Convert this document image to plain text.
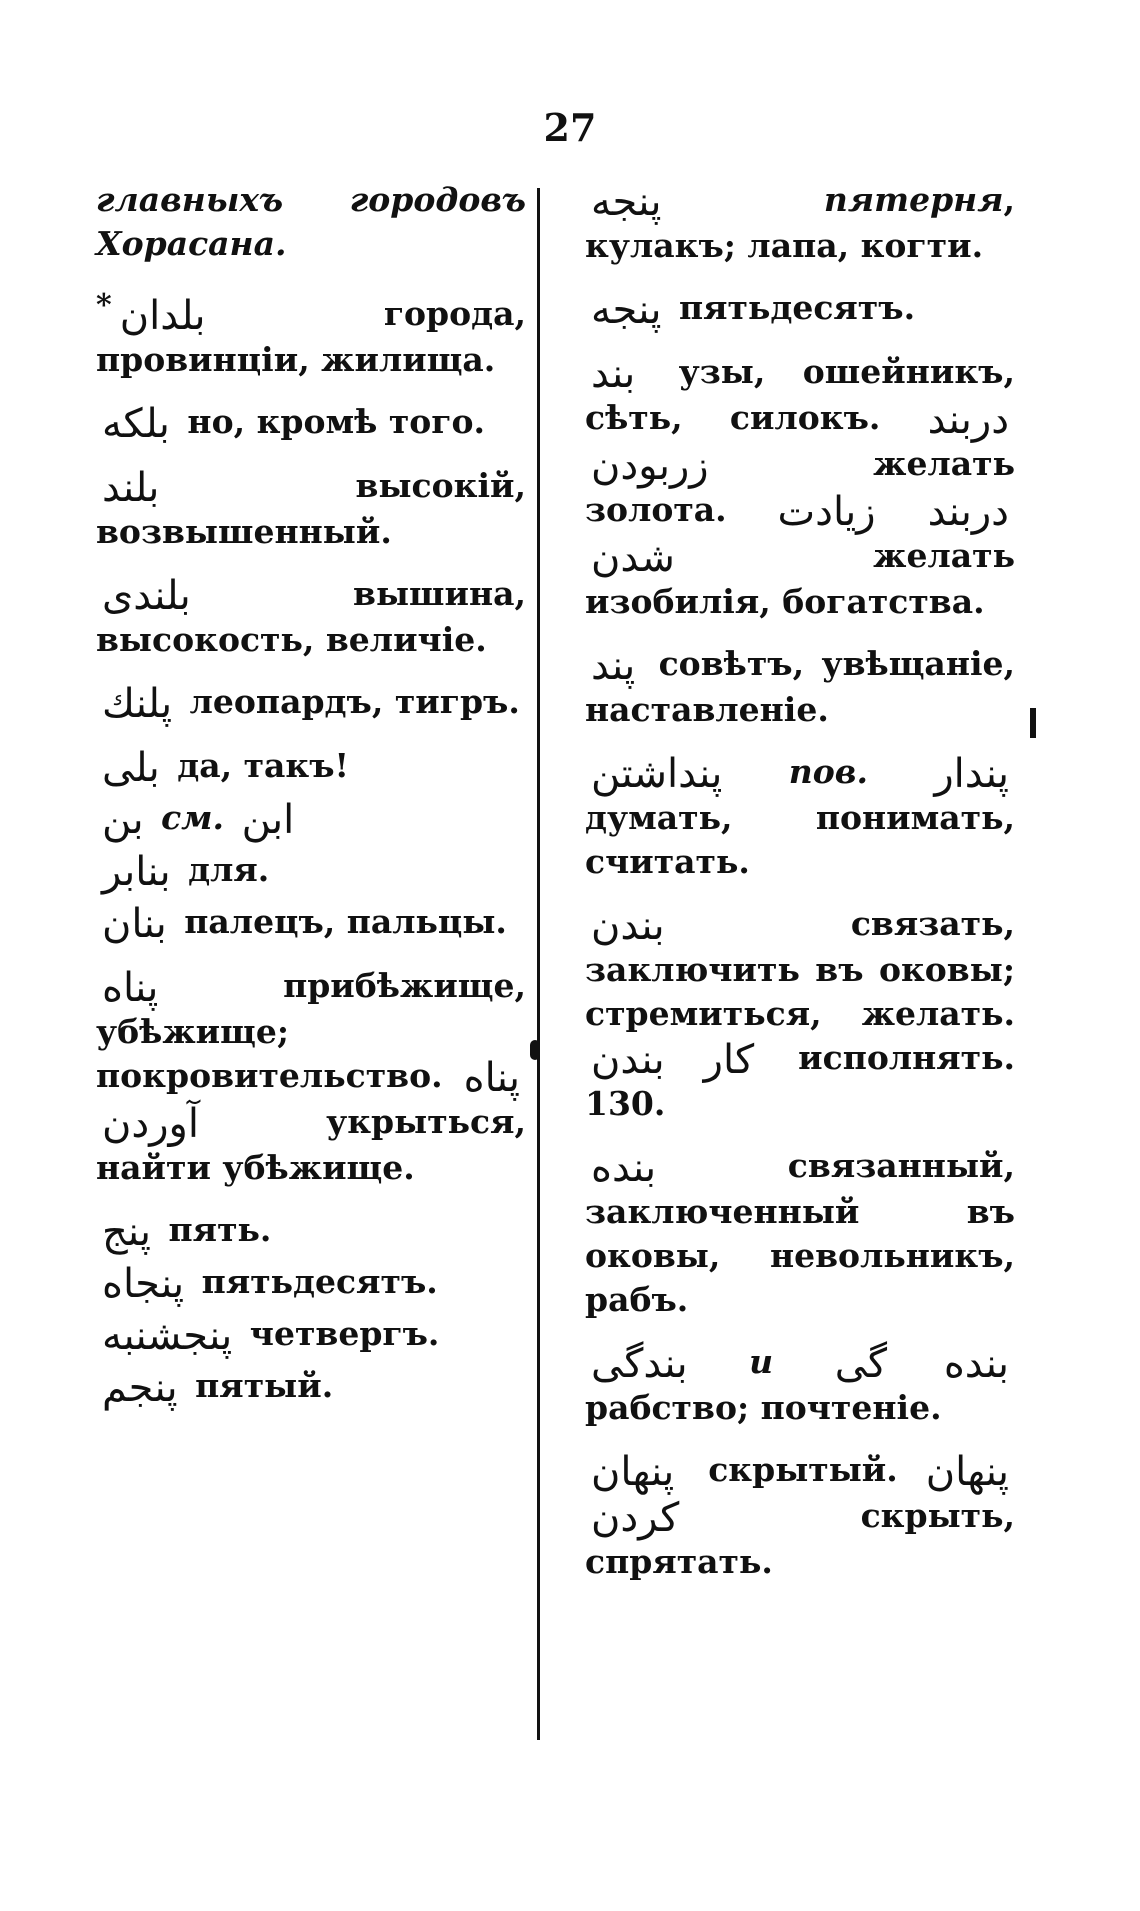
27
главныхъ городовъ Хорасана.
* بلدان	города, провинціи, жилища.
بلكه но, кромѣ того.
بلند	высокій, возвышенный.
بلندى	вышина, высокость, величіе.
پلنك леопардъ, тигръ.
بلى да, такъ!
بن см. ابن
بنابر для.
بنان палецъ, пальцы.
پناه	прибѣжище, убѣжище; покровительство. پناه آوردن	укрыться, найти убѣжище.
پنج пять.
پنجاه пятьдесятъ.
پنجشنبه четвергъ.
پنجم пятый.
پنجه	пятерня, кулакъ; лапа, когти.
پنجه пятьдесятъ.
بند узы, ошейникъ, сѣть, силокъ. دربند زربودن	желать золота. دربند زيادت شدن	желать изобилія, богатства.
پند совѣтъ, увѣщаніе, наставленіе.
پنداشتن пов. پندار думать, понимать, считать.
بندن	связать, заключить въ оковы; стремиться, желать. كار بندن исполнять. 130.
بنده	связанный, заключенный въ оковы, невольникъ, рабъ.
بندگى и بنده گى рабство; почтеніе.
پنهان скрытый. پنهان كردن	скрыть, спрятать.
